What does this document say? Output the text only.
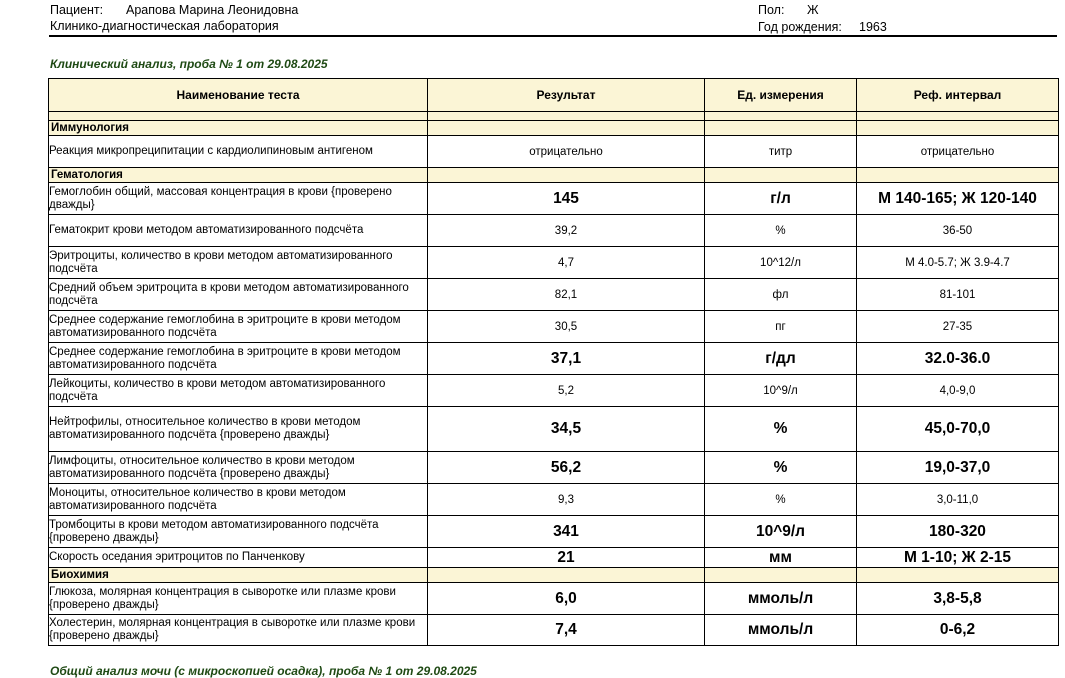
Пациент: Арапова Марина Леонидовна
Клинико-диагностическая лаборатория
Пол: Ж
Год рождения: 1963
Клинический анализ, проба № 1 от 29.08.2025
Наименование теста	Результат	Ед. измерения	Реф. интервал

Иммунология			
Реакция микропреципитации с кардиолипиновым антигеном	отрицательно	титр	отрицательно
Гематология			
Гемоглобин общий, массовая концентрация в крови {проверено дважды}	145	г/л	М 140-165; Ж 120-140
Гематокрит крови методом автоматизированного подсчёта	39,2	%	36-50
Эритроциты, количество в крови методом автоматизированного подсчёта	4,7	10^12/л	М 4.0-5.7; Ж 3.9-4.7
Средний объем эритроцита в крови методом автоматизированного подсчёта	82,1	фл	81-101
Среднее содержание гемоглобина в эритроците в крови методом автоматизированного подсчёта	30,5	пг	27-35
Среднее содержание гемоглобина в эритроците в крови методом автоматизированного подсчёта	37,1	г/дл	32.0-36.0
Лейкоциты, количество в крови методом автоматизированного подсчёта	5,2	10^9/л	4,0-9,0
Нейтрофилы, относительное количество в крови методом автоматизированного подсчёта {проверено дважды}	34,5	%	45,0-70,0
Лимфоциты, относительное количество в крови методом автоматизированного подсчёта {проверено дважды}	56,2	%	19,0-37,0
Моноциты, относительное количество в крови методом автоматизированного подсчёта	9,3	%	3,0-11,0
Тромбоциты в крови методом автоматизированного подсчёта {проверено дважды}	341	10^9/л	180-320
Скорость оседания эритроцитов по Панченкову	21	мм	М 1-10; Ж 2-15
Биохимия			
Глюкоза, молярная концентрация в сыворотке или плазме крови {проверено дважды}	6,0	ммоль/л	3,8-5,8
Холестерин, молярная концентрация в сыворотке или плазме крови {проверено дважды}	7,4	ммоль/л	0-6,2
Общий анализ мочи (с микроскопией осадка), проба № 1 от 29.08.2025
